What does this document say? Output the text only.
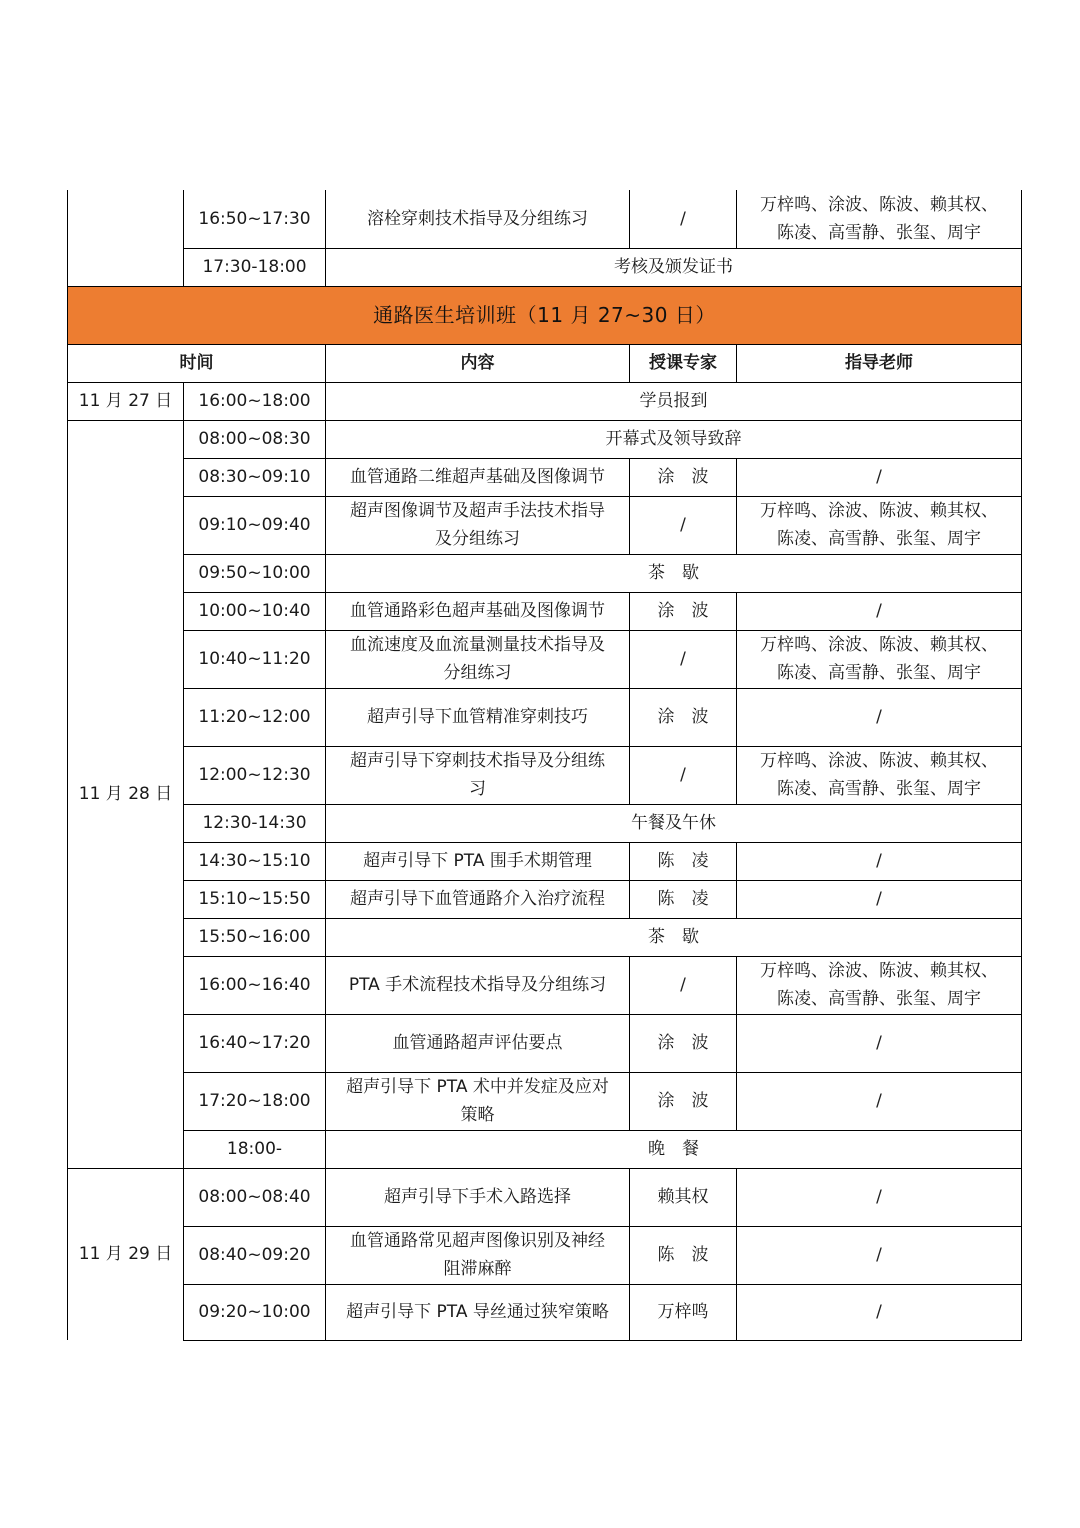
	16:50~17:30	溶栓穿刺技术指导及分组练习	/	万梓鸣、涂波、陈波、赖其权、
陈凌、高雪静、张玺、周宇
	17:30-18:00	考核及颁发证书		
通路医生培训班（11 月 27~30 日）				
时间		内容	授课专家	指导老师
11 月 27 日	16:00~18:00	学员报到		
11 月 28 日	08:00~08:30	开幕式及领导致辞		
	08:30~09:10	血管通路二维超声基础及图像调节	涂　波	/
	09:10~09:40	超声图像调节及超声手法技术指导
及分组练习	/	万梓鸣、涂波、陈波、赖其权、
陈凌、高雪静、张玺、周宇
	09:50~10:00	茶　歇		
	10:00~10:40	血管通路彩色超声基础及图像调节	涂　波	/
	10:40~11:20	血流速度及血流量测量技术指导及
分组练习	/	万梓鸣、涂波、陈波、赖其权、
陈凌、高雪静、张玺、周宇
	11:20~12:00	超声引导下血管精准穿刺技巧	涂　波	/
	12:00~12:30	超声引导下穿刺技术指导及分组练
习	/	万梓鸣、涂波、陈波、赖其权、
陈凌、高雪静、张玺、周宇
	12:30-14:30	午餐及午休		
	14:30~15:10	超声引导下 PTA 围手术期管理	陈　凌	/
	15:10~15:50	超声引导下血管通路介入治疗流程	陈　凌	/
	15:50~16:00	茶　歇		
	16:00~16:40	PTA 手术流程技术指导及分组练习	/	万梓鸣、涂波、陈波、赖其权、
陈凌、高雪静、张玺、周宇
	16:40~17:20	血管通路超声评估要点	涂　波	/
	17:20~18:00	超声引导下 PTA 术中并发症及应对
策略	涂　波	/
	18:00-	晚　餐		
11 月 29 日	08:00~08:40	超声引导下手术入路选择	赖其权	/
	08:40~09:20	血管通路常见超声图像识别及神经
阻滞麻醉	陈　波	/
	09:20~10:00	超声引导下 PTA 导丝通过狭窄策略	万梓鸣	/
